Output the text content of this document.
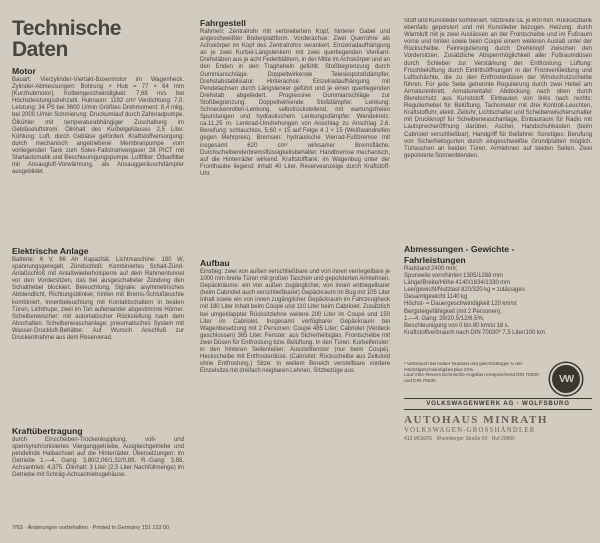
Technische
Daten
Motor

Bauart: Vierzylinder-Viertakt-Boxermotor im Wagenheck. Zylinder-Abmessungen: Bohrung × Hub = 77 × 64 mm [Kurzhubmotor]. Kolbengeschwindigkeit: 7,68 m/s bei Höchstleistungsdrehzahl. Hubraum: 1192 cm³ Verdichtung: 7,0. Leistung: 34 PS bei 3600 U/min Größtes Drehmoment: 8,4 mkg, bei 2000 U/min Schmierung: Druckumlauf durch Zahnradpumpe. Ölkühler mit temperaturabhängiger Zuschaltung im Gebläseluftstrom. Ölinhalt des Kurbelgehäuses 2,5 Liter. Kühlung: Luft, durch Gebläse gefördert. Kraftstoffversorgung: durch mechanisch angetriebene Membranpumpe vom vorliegenden Tank zum Solex-Fallstromvergaser 28 PICT mit Startautomatik und Beschleunigungspumpe. Luftfilter: Ölbadfilter mit Ansaugluft-Vorwärmung, als Ansauggeräuschdämpfer ausgebildet.

Elektrische Anlage

Batterie: 6 V, 66 Ah Kapazität. Lichtmaschine: 180 W, spannungsgeregelt. Zündschloß: Kombiniertes Schalt-Zünd-Anlaßschloß mit Anlaßwiederholsperre auf dem Rahmentunnel vor den Vordersitzen, das bei ausgeschalteter Zündung den Schalthebel blockiert. Beleuchtung, Signale: asymmetrisches Abblendlicht, Richtungsblinker, hinten mit Brems-Schlußleuchte kombiniert, Innenbeleuchtung mit Kontaktschaltern in beiden Türen, Lichthupe, zwei im Ton aufeinander abgestimmte Hörner. Scheibenwischer: mit automatischer Rückstellung nach dem Abschalten. Scheibenwaschanlage: pneumatisches System mit Wasser-Druckluft-Behälter. Auf Wunsch Anschluß zur Druckentnahme aus dem Reserverad.

Kraftübertragung

durch Einscheiben-Trockenkupplung, voll- und sperrsynchronisiertes Vierganggetriebe, Ausgleichgetriebe und pendelnde Halbachsen auf die Hinterräder. Übersetzungen: im Getriebe 1.—4. Gang: 3,80/2,06/1,32/0,89, R.-Gang: 3,88, Achsantrieb: 4,375. Ölinhalt: 3 Liter (2,5 Liter Nachfüllmenge) im Getriebe mit Schräg-Achsantriebsgehäuse.

Fahrgestell

Rahmen: Zentralrohr mit verbreitertem Kopf, hinterer Gabel und angeschweißter Bodenplattform. Vorderachse: Zwei Querrohre als Achskörper im Kopf des Zentralrohrs verankert. Einzelradaufhängung an je zwei Kurbel-Längslenkern mit zwei querliegenden Vierkant-Drehstäben aus je acht Federblättern, in der Mitte im Achskörper und an den Enden in den Tragheheln gefühlt. Stoßbegrenzung durch Gummianschläge. Doppeltwirkende Teleskopstoßdämpfer. Drehstabstabilisator. Hinterachse: Einzelradaufhängung mit Pendelachsen durch Längslenker geführt und je einen querliegenden Drehstab abgefedert. Progressive Gummianschläge zur Stoßbegrenzung. Doppeltwirkende Stoßdämpfer. Lenkung: Schneckenrollen-Lenkung, selbstrückstellend, mit wartungsfreien Spurstangen und hydraulischem Lenkungsdämpfer. Wendekreis: ca.11,25 m. Lenkrad-Umdrehungen von Anschlag zu Anschlag 2,6. Bereifung: schlauchlos, 5,60 × 15 auf Felge 4 J × 15 (Weißwandreifen gegen Mehrpreis). Bremsen: hydraulische Vierrad-Fußbremse mit insgesamt 620 cm² wirksamer Bremsfläche. Durchscheibenderbremsflüssigkeitsbehälter. Handbremse mechanisch, auf die Hinterräder wirkend. Kraftstofftank: im Wagenbug unter der Fronthaube liegend; Inhalt 40 Liter, Reserveanzeige durch Kraftstoff-Uhr.

Aufbau

Einstieg: zwei von außen verschließbare und von innen verriegelbare je 1000 mm breite Türen mit großen Taschen und gepolsterten Armlehnen. Gepäckräume: ein von außen zugänglicher, von innen entriegelbarer (beim Cabriolet auch verschließbarer) Gepäckraum im Bug mit 105 Liter Inhalt sowie ein von innen zugänglicher Gepäckraum im Fahrzeugheck mit 180 Liter Inhalt beim Coupé und 110 Liter beim Cabriolet. Zusätzlich bei umgeklappter Rücksitzlehne weitere 200 Liter im Coupé und 150 Liter im Cabriolet. Insgesamt verfügbarer Gepäckraum bei Wagenbesetzung mit 2 Personen: Coupé 485 Liter; Cabriolet (Verdeck geschlossen) 365 Liter. Fenster: aus Sicherheitsglas. Frontscheibe mit zwei Düsen für Entfrostung bzw. Belüftung. In den Türen: Kurbelfenster; in den hinteren Seitenteilen: Ausstellfenster (nur beim Coupé). Heckscheibe mit Entfrosterdüse. (Cabriolet: Rückscheibe aus Zelluloid ohne Entfrostung.) Sitze: in weitem Bereich verstellbare vordere Einzelsitze mit dreifach neigbaren Lehnen. Sitzbezüge aus

Stoff und Kunstleder kombiniert. Sitzbreite ca. je 600 mm. Rücksitzbank ebenfalls gepolstert und mit Kunstleder bezogen. Heizung: durch Warmluft mit je zwei Auslässen an der Frontscheibe und im Fußraum vorne und hinten sowie beim Coupé einem weiteren Auslaß unter der Rückscheibe. Feinregulierung durch Drehknopf zwischen den Vordersitzen. Zusätzliche Absperrmöglichkeit aller Fußraumdüsen durch Schieber zur Verstärkung der Entfrostung. Lüftung: Frischbelüftung durch Eintrittsöffnungen in der Frontverkleidung und Luftschächte, die zu den Entfrosterdüsen der Windschutzscheibe führen. Für jede Seite getrennte Regulierung durch zwei Hebel am Armaturenbrett. Armaturentafel: Abdeckung nach oben durch Blendschutz aus Kunststoff. Einbauten von links nach rechts: Regulierhebel für Belüftung, Tachometer mit drei Kontroll-Leuchten, Kraftstoffuhr, elektr. Zeituhr, Lichtschalter und Scheibenwischerschalter mit Druckknopf für Scheibenwaschanlage, Einbauraum für Radio mit Lautsprecheröffnung darüber, Ascher, Handschuhkasten (beim Cabriolet verschließbar), Handgriff für Beifahrer. Sonstiges: Berufung von Sicherheitsgurten durch eingeschweißte Grundplatten möglich. Türtaschen an beiden Türen, Armlehnen auf beiden Seiten. Zwei gepolsterte Sonnenblenden.

Abmessungen - Gewichte -
Fahrleistungen

Radstand 2400 mm;

Spurweite vorn/hinten 1305/1288 mm

Länge/Breite/Höhe 4140/1634/1330 mm

Leergewicht/Nutzlast 820/320 kg = zulässiges

Gesamtgewicht 1140 kg

Höchst- = Dauergeschwindigkeit 120 km/st

Bergsteigefähigkeit (mit 2 Personen),

1.—4. Gang: 29/20,5/12/6,5%,

Beschleunigung von 0 bis 80 km/st 18 s.

Kraftstoffverbrauch nach DIN 70030* 7,5 Liter/100 km

* Verbrauch bei halber Nutzlast und gleichmäßiger ¾ der Höchstgeschwindigkeit plus 10%.

Laut VDA-Revers technische Angaben entsprechend DIN 70020 und DIN 70030.	VW
VOLKSWAGENWERK AG · WOLFSBURG
AUTOHAUS MINRATH
VOLKSWAGEN-GROSSHÄNDLER
413 MOERS · Rheinberger Straße 60 · Ruf 20860
7/63 · Änderungen vorbehalten · Printed in Germany 151 133 00
